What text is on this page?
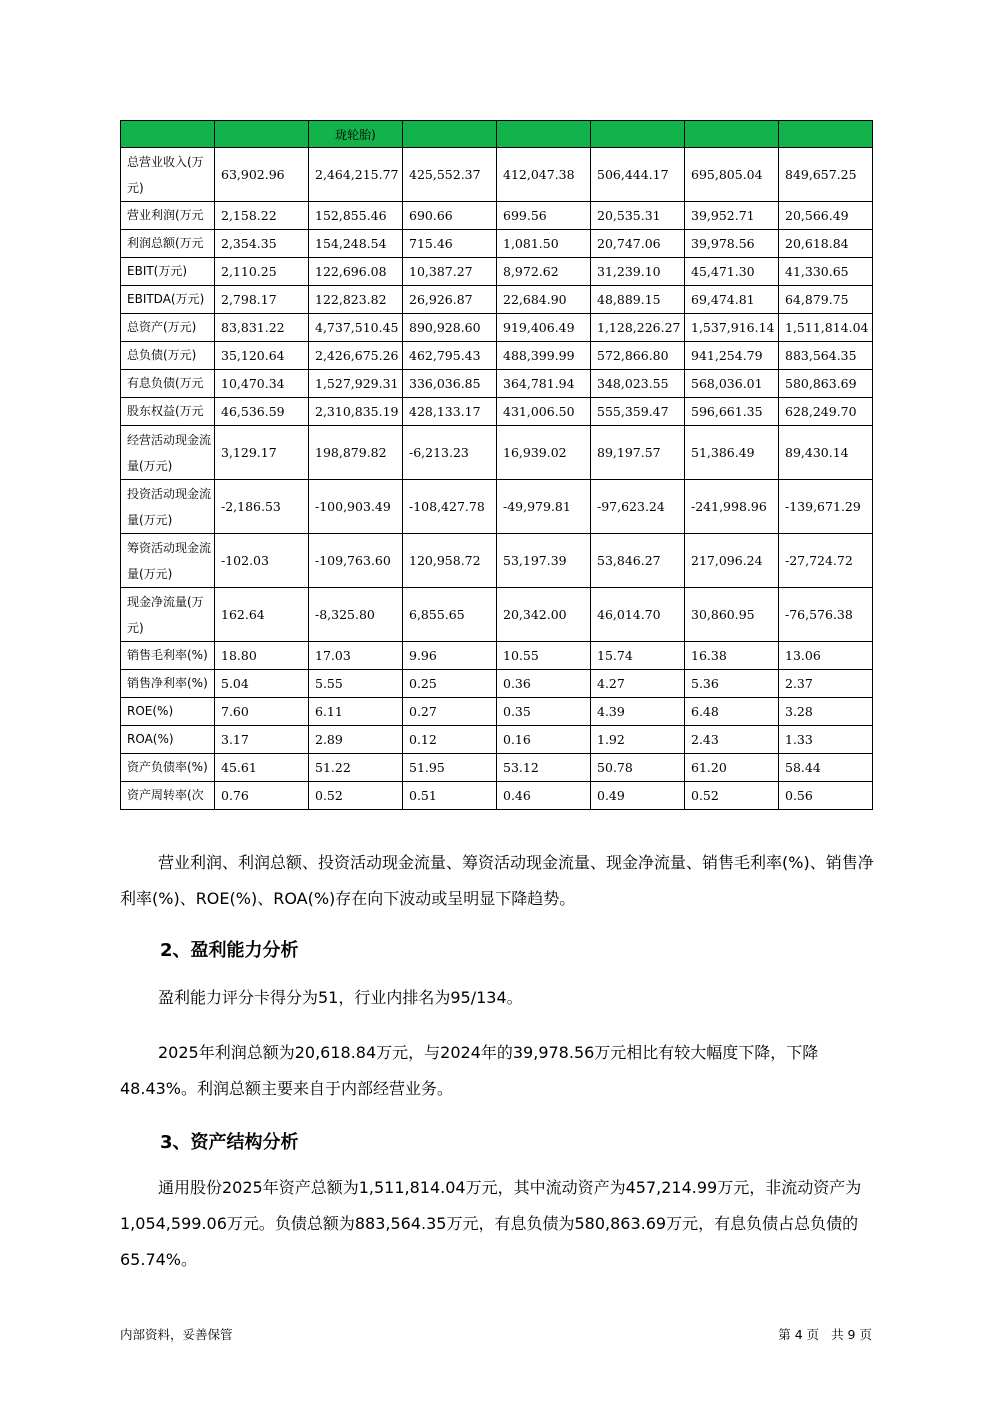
		珑轮胎)					
总营业收入(万元)	63,902.96	2,464,215.77	425,552.37	412,047.38	506,444.17	695,805.04	849,657.25
营业利润(万元	2,158.22	152,855.46	690.66	699.56	20,535.31	39,952.71	20,566.49
利润总额(万元	2,354.35	154,248.54	715.46	1,081.50	20,747.06	39,978.56	20,618.84
EBIT(万元)	2,110.25	122,696.08	10,387.27	8,972.62	31,239.10	45,471.30	41,330.65
EBITDA(万元)	2,798.17	122,823.82	26,926.87	22,684.90	48,889.15	69,474.81	64,879.75
总资产(万元)	83,831.22	4,737,510.45	890,928.60	919,406.49	1,128,226.27	1,537,916.14	1,511,814.04
总负债(万元)	35,120.64	2,426,675.26	462,795.43	488,399.99	572,866.80	941,254.79	883,564.35
有息负债(万元	10,470.34	1,527,929.31	336,036.85	364,781.94	348,023.55	568,036.01	580,863.69
股东权益(万元	46,536.59	2,310,835.19	428,133.17	431,006.50	555,359.47	596,661.35	628,249.70
经营活动现金流量(万元)	3,129.17	198,879.82	-6,213.23	16,939.02	89,197.57	51,386.49	89,430.14
投资活动现金流量(万元)	-2,186.53	-100,903.49	-108,427.78	-49,979.81	-97,623.24	-241,998.96	-139,671.29
筹资活动现金流量(万元)	-102.03	-109,763.60	120,958.72	53,197.39	53,846.27	217,096.24	-27,724.72
现金净流量(万元)	162.64	-8,325.80	6,855.65	20,342.00	46,014.70	30,860.95	-76,576.38
销售毛利率(%)	18.80	17.03	9.96	10.55	15.74	16.38	13.06
销售净利率(%)	5.04	5.55	0.25	0.36	4.27	5.36	2.37
ROE(%)	7.60	6.11	0.27	0.35	4.39	6.48	3.28
ROA(%)	3.17	2.89	0.12	0.16	1.92	2.43	1.33
资产负债率(%)	45.61	51.22	51.95	53.12	50.78	61.20	58.44
资产周转率(次	0.76	0.52	0.51	0.46	0.49	0.52	0.56

营业利润、利润总额、投资活动现金流量、筹资活动现金流量、现金净流量、销售毛利率(%)、销售净利率(%)、ROE(%)、ROA(%)存在向下波动或呈明显下降趋势。

2、盈利能力分析

盈利能力评分卡得分为51，行业内排名为95/134。

2025年利润总额为20,618.84万元，与2024年的39,978.56万元相比有较大幅度下降，下降48.43%。利润总额主要来自于内部经营业务。

3、资产结构分析

通用股份2025年资产总额为1,511,814.04万元，其中流动资产为457,214.99万元，非流动资产为1,054,599.06万元。负债总额为883,564.35万元，有息负债为580,863.69万元，有息负债占总负债的65.74%。

内部资料，妥善保管	第 4 页   共 9 页
